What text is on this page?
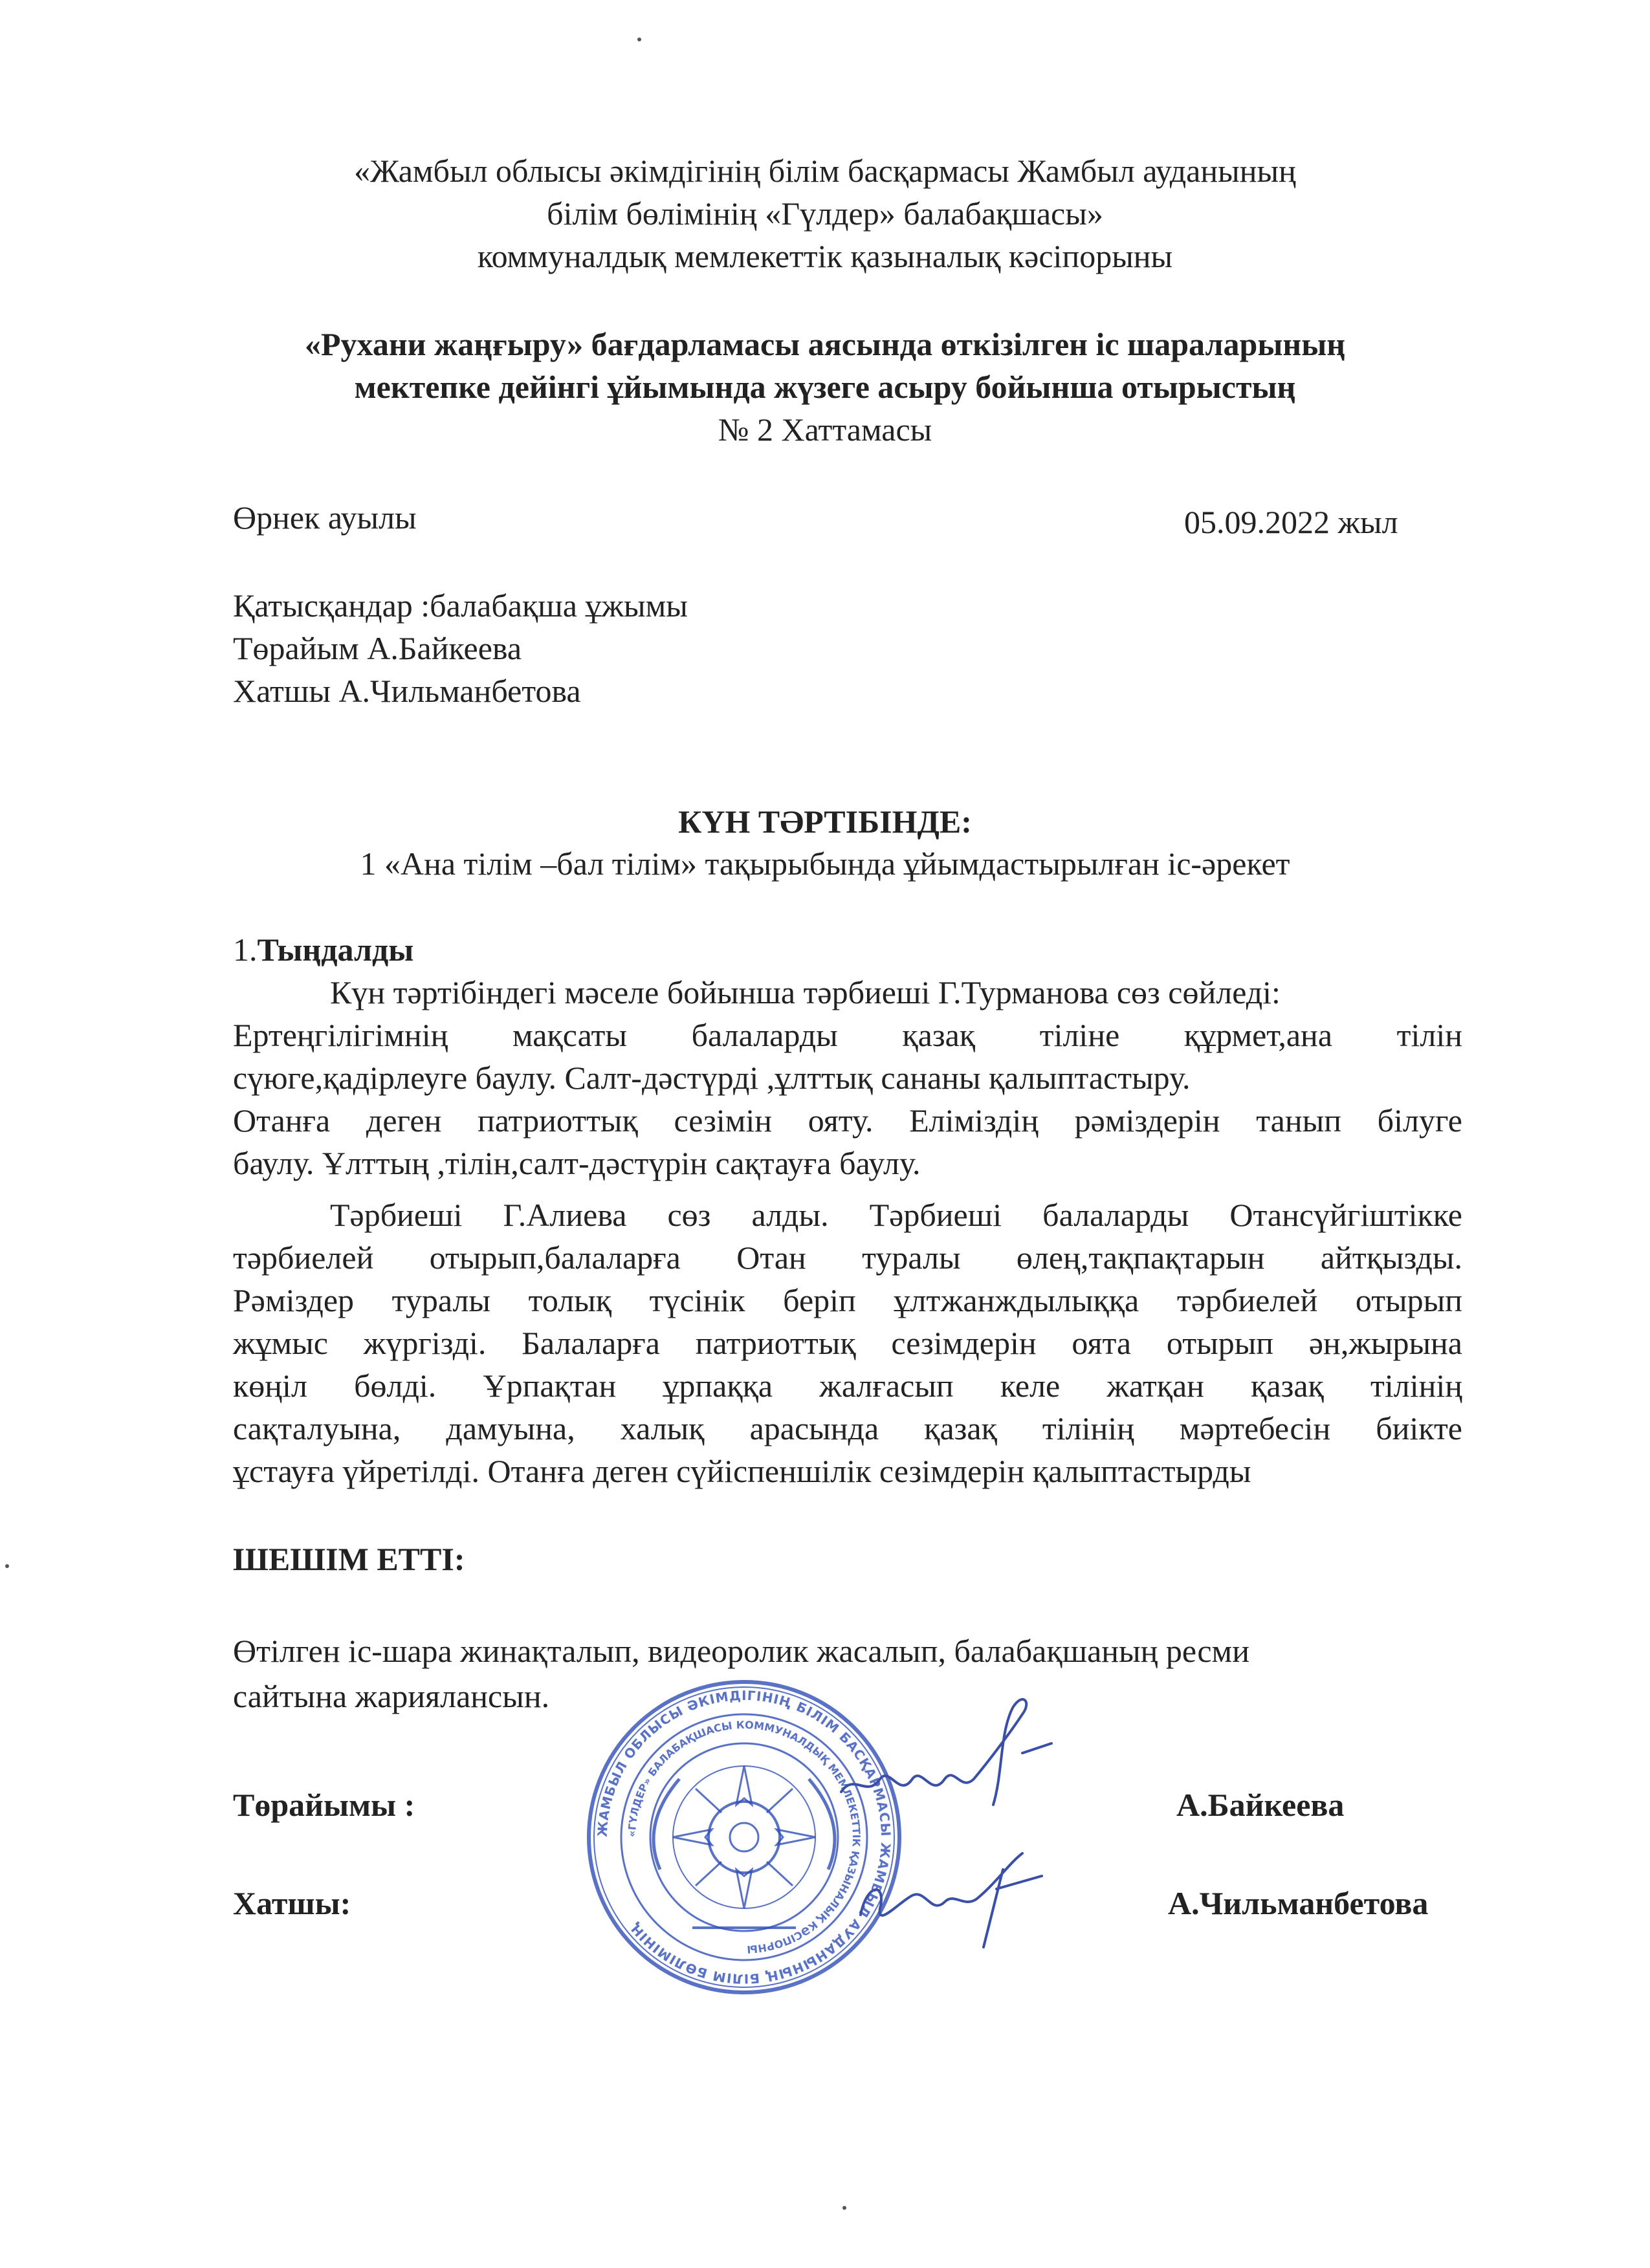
«Жамбыл облысы әкімдігінің білім басқармасы Жамбыл ауданының

білім бөлімінің «Гүлдер» балабақшасы»

коммуналдық мемлекеттік қазыналық кәсіпорыны

«Рухани жаңғыру» бағдарламасы аясында өткізілген іс шараларының

мектепке дейінгі ұйымында жүзеге асыру бойынша отырыстың

№ 2 Хаттамасы

Өрнек ауылы	05.09.2022 жыл

Қатысқандар :балабақша ұжымы

Төрайым А.Байкеева

Хатшы А.Чильманбетова

КҮН ТӘРТІБІНДЕ:

1 «Ана тілім –бал тілім» тақырыбында ұйымдастырылған іс-әрекет

1.Тыңдалды

Күн тәртібіндегі мәселе бойынша тәрбиеші Г.Турманова сөз сөйледі:

Ертеңгілігімнің мақсаты балаларды қазақ тіліне құрмет,ана тілін

сүюге,қадірлеуге баулу. Салт-дәстүрді ,ұлттық сананы қалыптастыру.

Отанға деген патриоттық сезімін ояту. Еліміздің рәміздерін танып білуге

баулу. Ұлттың ,тілін,салт-дәстүрін сақтауға баулу.

Тәрбиеші Г.Алиева сөз алды. Тәрбиеші балаларды Отансүйгіштікке

тәрбиелей отырып,балаларға Отан туралы өлең,тақпақтарын айтқызды.

Рәміздер туралы толық түсінік беріп ұлтжанждылыққа тәрбиелей отырып

жұмыс жүргізді. Балаларға патриоттық сезімдерін оята отырып ән,жырына

көңіл бөлді. Ұрпақтан ұрпаққа жалғасып келе жатқан қазақ тілінің

сақталуына, дамуына, халық арасында қазақ тілінің мәртебесін биікте

ұстауға үйретілді. Отанға деген сүйіспеншілік сезімдерін қалыптастырды

ШЕШІМ ЕТТІ:

Өтілген іс-шара жинақталып, видеоролик жасалып, балабақшаның ресми

сайтына жариялансын.

ЖАМБЫЛ ОБЛЫСЫ ӘКІМДІГІНІҢ БІЛІМ БАСҚАРМАСЫ ЖАМБЫЛ АУДАНЫНЫҢ БІЛІМ БӨЛІМІНІҢ
«ГҮЛДЕР» БАЛАБАҚШАСЫ КОММУНАЛДЫҚ МЕМЛЕКЕТТІК ҚАЗЫНАЛЫҚ КӘСІПОРНЫ

Төрайымы :	А.Байкеева

Хатшы:	А.Чильманбетова
